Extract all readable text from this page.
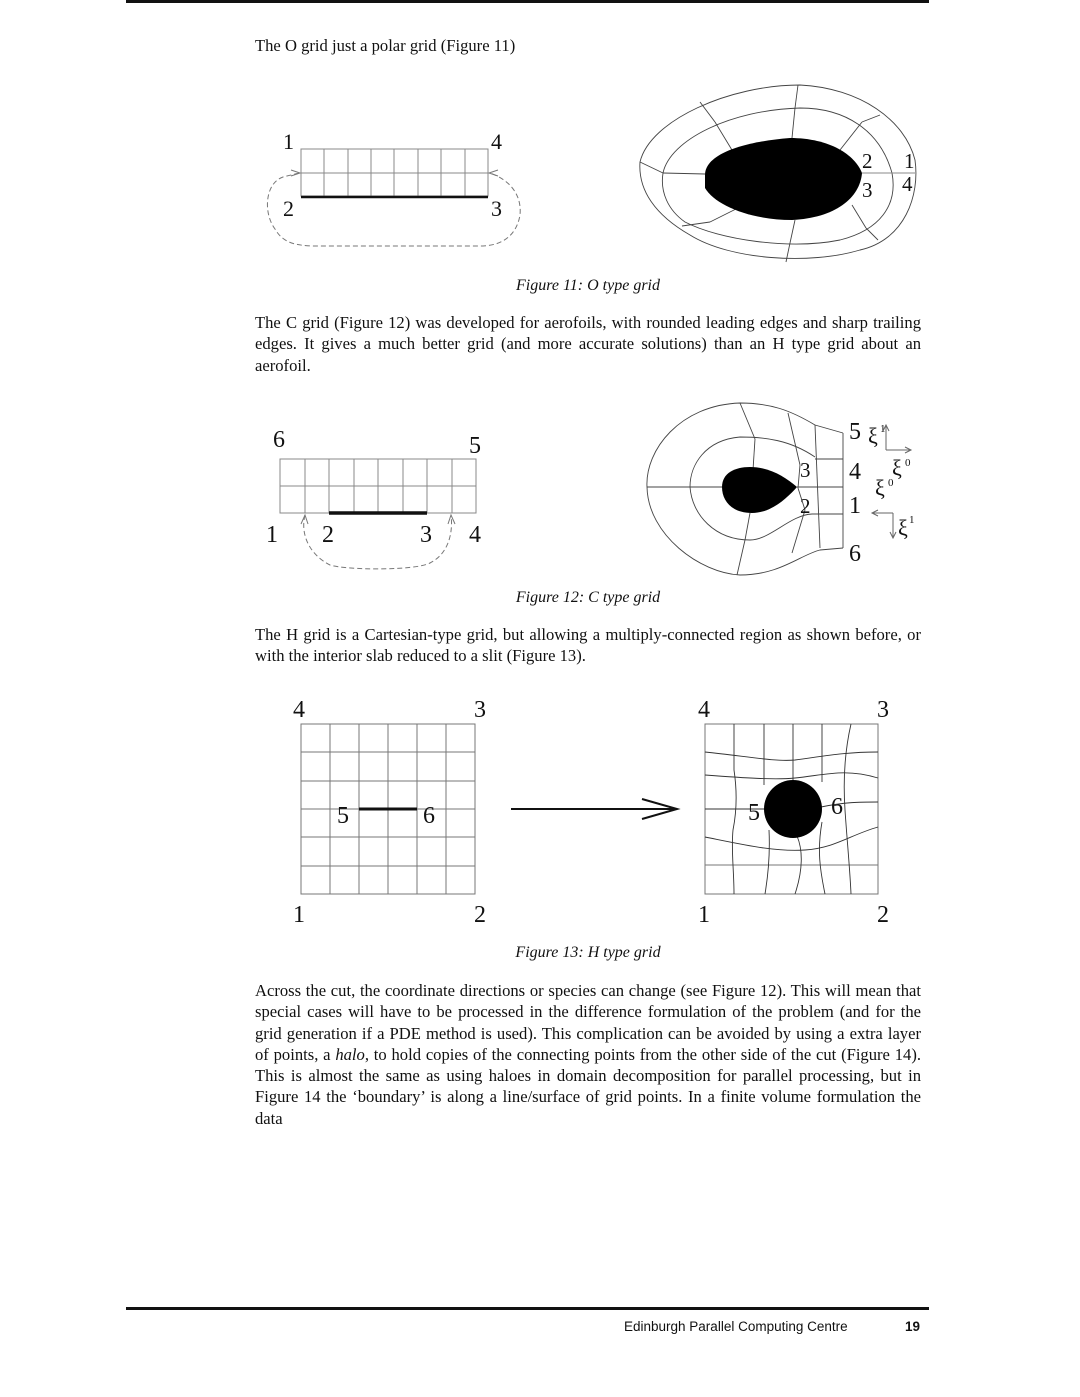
The O grid just a polar grid (Figure 11)
1	4
2	3
2 1
3 4
Figure 11: O type grid
The C grid (Figure 12) was developed for aerofoils, with rounded leading edges and sharp trailing edges. It gives a much better grid (and more accurate solutions) than an H type grid about an aerofoil.
6	5
1 2	3 4
3
2
5
4
1
6
ξ 1
ξ 0
ξ 0
ξ 1
Figure 12: C type grid
The H grid is a Cartesian-type grid, but allowing a multiply-connected region as shown before, or with the interior slab reduced to a slit (Figure 13).
4	3
5	6
1	2
4	3
5	6
1	2
Figure 13: H type grid
Across the cut, the coordinate directions or species can change (see Figure 12). This will mean that special cases will have to be processed in the difference formulation of the problem (and for the grid generation if a PDE method is used). This complication can be avoided by using a extra layer of points, a halo, to hold copies of the connecting points from the other side of the cut (Figure 14). This is almost the same as using haloes in domain decomposition for parallel processing, but in Figure 14 the ‘boundary’ is along a line/surface of grid points. In a finite volume formulation the data
Edinburgh Parallel Computing Centre	19
